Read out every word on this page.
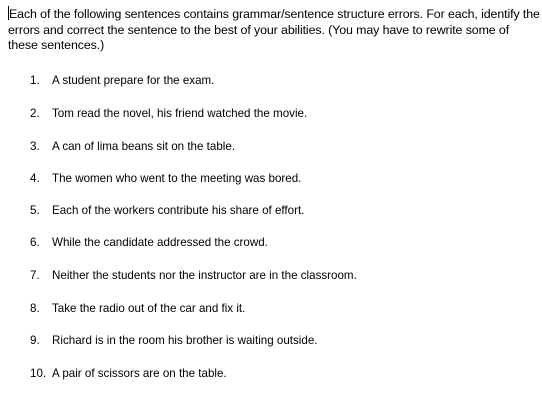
Each of the following sentences contains grammar/sentence structure errors. For each, identify the errors and correct the sentence to the best of your abilities. (You may have to rewrite some of these sentences.)

1. A student prepare for the exam.
2. Tom read the novel, his friend watched the movie.
3. A can of lima beans sit on the table.
4. The women who went to the meeting was bored.
5. Each of the workers contribute his share of effort.
6. While the candidate addressed the crowd.
7. Neither the students nor the instructor are in the classroom.
8. Take the radio out of the car and fix it.
9. Richard is in the room his brother is waiting outside.
10. A pair of scissors are on the table.
